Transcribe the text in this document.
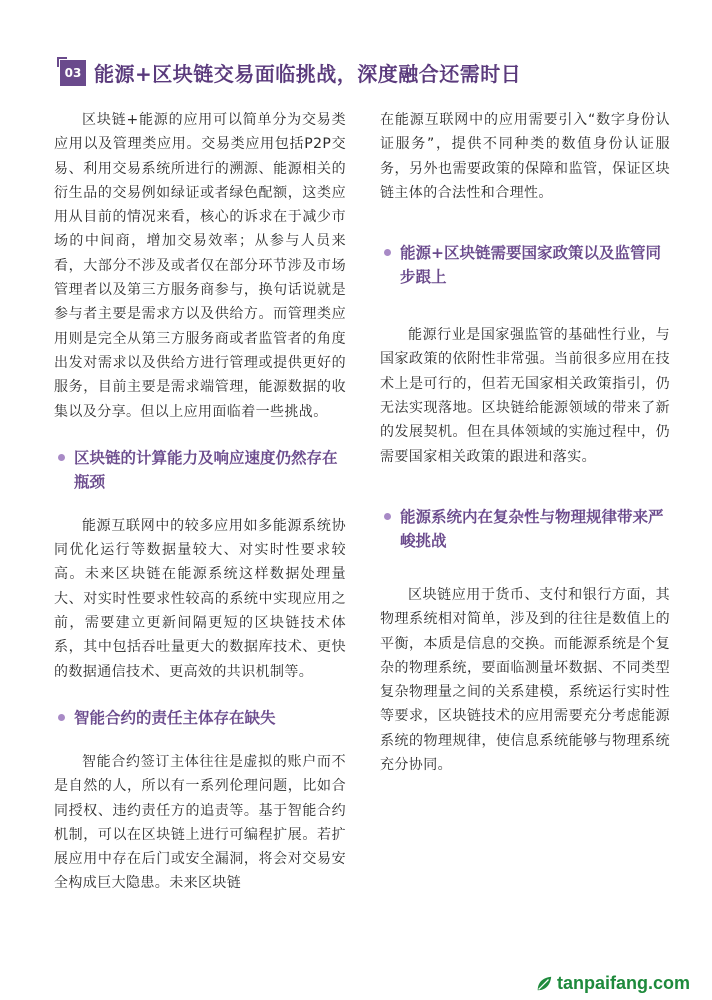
03 能源+区块链交易面临挑战，深度融合还需时日

区块链+能源的应用可以简单分为交易类应用以及管理类应用。交易类应用包括P2P交易、利用交易系统所进行的溯源、能源相关的衍生品的交易例如绿证或者绿色配额，这类应用从目前的情况来看，核心的诉求在于减少市场的中间商，增加交易效率；从参与人员来看，大部分不涉及或者仅在部分环节涉及市场管理者以及第三方服务商参与，换句话说就是参与者主要是需求方以及供给方。而管理类应用则是完全从第三方服务商或者监管者的角度出发对需求以及供给方进行管理或提供更好的服务，目前主要是需求端管理，能源数据的收集以及分享。但以上应用面临着一些挑战。

区块链的计算能力及响应速度仍然存在瓶颈

能源互联网中的较多应用如多能源系统协同优化运行等数据量较大、对实时性要求较高。未来区块链在能源系统这样数据处理量大、对实时性要求性较高的系统中实现应用之前，需要建立更新间隔更短的区块链技术体系，其中包括吞吐量更大的数据库技术、更快的数据通信技术、更高效的共识机制等。

智能合约的责任主体存在缺失

智能合约签订主体往往是虚拟的账户而不是自然的人，所以有一系列伦理问题，比如合同授权、违约责任方的追责等。基于智能合约机制，可以在区块链上进行可编程扩展。若扩展应用中存在后门或安全漏洞，将会对交易安全构成巨大隐患。未来区块链

在能源互联网中的应用需要引入“数字身份认证服务”，提供不同种类的数值身份认证服务，另外也需要政策的保障和监管，保证区块链主体的合法性和合理性。

能源+区块链需要国家政策以及监管同步跟上

能源行业是国家强监管的基础性行业，与国家政策的依附性非常强。当前很多应用在技术上是可行的，但若无国家相关政策指引，仍无法实现落地。区块链给能源领域的带来了新的发展契机。但在具体领域的实施过程中，仍需要国家相关政策的跟进和落实。

能源系统内在复杂性与物理规律带来严峻挑战

区块链应用于货币、支付和银行方面，其物理系统相对简单，涉及到的往往是数值上的平衡，本质是信息的交换。而能源系统是个复杂的物理系统，要面临测量坏数据、不同类型复杂物理量之间的关系建模，系统运行实时性等要求，区块链技术的应用需要充分考虑能源系统的物理规律，使信息系统能够与物理系统充分协同。

tanpaifang.com
